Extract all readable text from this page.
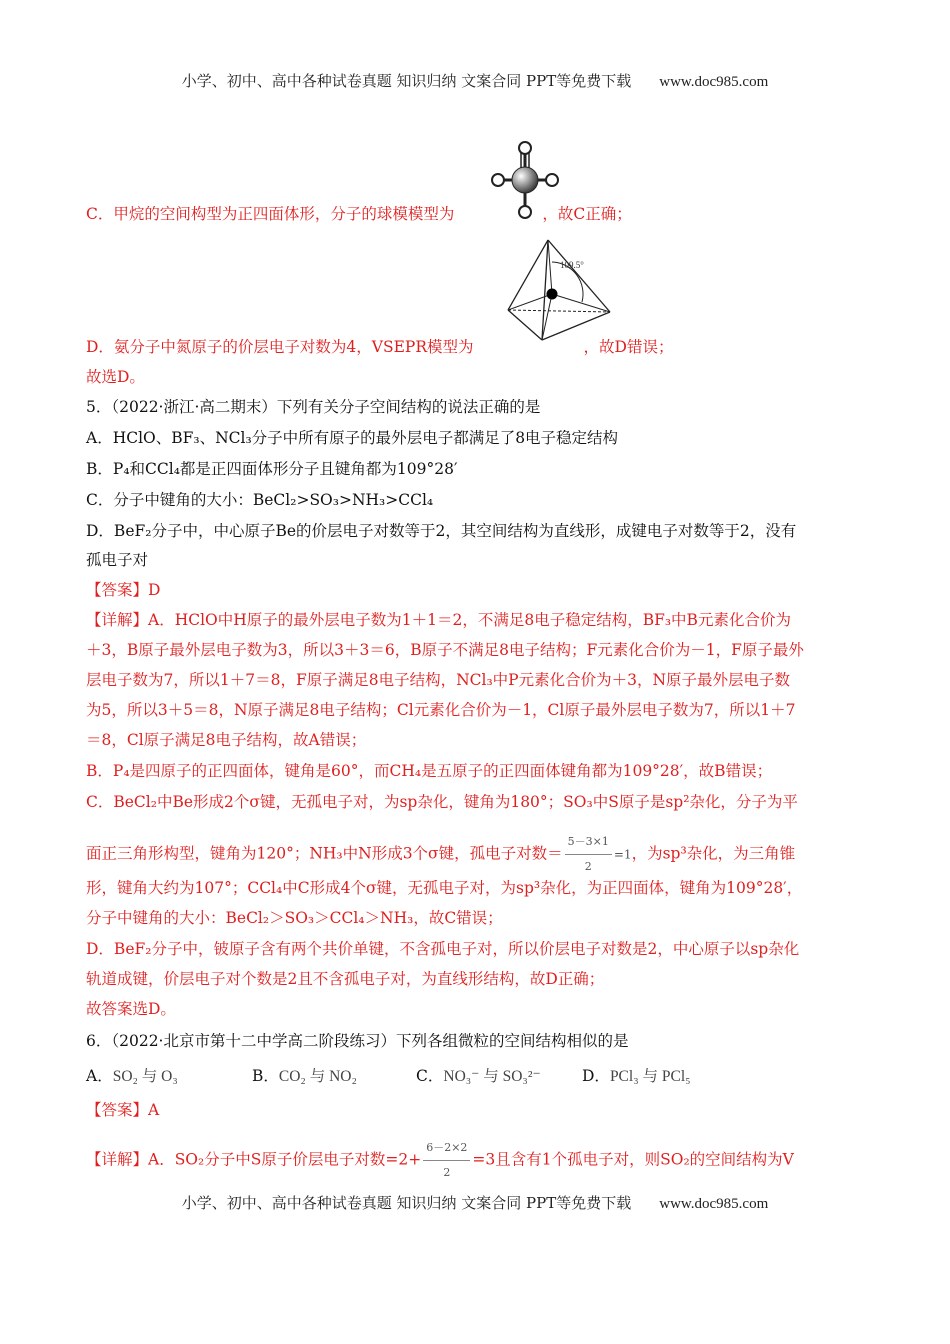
小学、初中、高中各种试卷真题 知识归纳 文案合同 PPT等免费下载 www.doc985.com
C．甲烷的空间构型为正四面体形，分子的球模模型为	，故C正确；
109.5°
D．氨分子中氮原子的价层电子对数为4，VSEPR模型为	，故D错误；
故选D。
5．（2022·浙江·高二期末）下列有关分子空间结构的说法正确的是
A．HClO、BF₃、NCl₃分子中所有原子的最外层电子都满足了8电子稳定结构
B．P₄和CCl₄都是正四面体形分子且键角都为109°28′
C．分子中键角的大小：BeCl₂>SO₃>NH₃>CCl₄
D．BeF₂分子中，中心原子Be的价层电子对数等于2，其空间结构为直线形，成键电子对数等于2，没有
孤电子对
【答案】D
【详解】A．HClO中H原子的最外层电子数为1＋1＝2，不满足8电子稳定结构，BF₃中B元素化合价为
＋3，B原子最外层电子数为3，所以3＋3＝6，B原子不满足8电子结构；F元素化合价为－1，F原子最外
层电子数为7，所以1＋7＝8，F原子满足8电子结构，NCl₃中P元素化合价为＋3，N原子最外层电子数
为5，所以3＋5＝8，N原子满足8电子结构；Cl元素化合价为－1，Cl原子最外层电子数为7，所以1＋7
＝8，Cl原子满足8电子结构，故A错误；
B．P₄是四原子的正四面体，键角是60°，而CH₄是五原子的正四面体键角都为109°28′，故B错误；
C．BeCl₂中Be形成2个σ键，无孤电子对，为sp杂化，键角为180°；SO₃中S原子是sp²杂化，分子为平
面正三角形构型，键角为120°；NH₃中N形成3个σ键，孤电子对数＝ $\frac{5-3\times 1}{2} =1$，为sp³杂化，为三角锥
形，键角大约为107°；CCl₄中C形成4个σ键，无孤电子对，为sp³杂化，为正四面体，键角为109°28′，
分子中键角的大小：BeCl₂＞SO₃＞CCl₄＞NH₃，故C错误；
D．BeF₂分子中，铍原子含有两个共价单键，不含孤电子对，所以价层电子对数是2，中心原子以sp杂化
轨道成键，价层电子对个数是2且不含孤电子对，为直线形结构，故D正确；
故答案选D。
6．（2022·北京市第十二中学高二阶段练习）下列各组微粒的空间结构相似的是
A．SO₂ 与 O₃	B．CO₂ 与 NO₂	C．NO₃⁻ 与 SO₃²⁻	D．PCl₃ 与 PCl₅
【答案】A
【详解】A．SO₂分子中S原子价层电子对数$=2+ \frac{6-2\times 2}{2} =3$且含有1个孤电子对，则SO₂的空间结构为V
小学、初中、高中各种试卷真题 知识归纳 文案合同 PPT等免费下载 www.doc985.com
